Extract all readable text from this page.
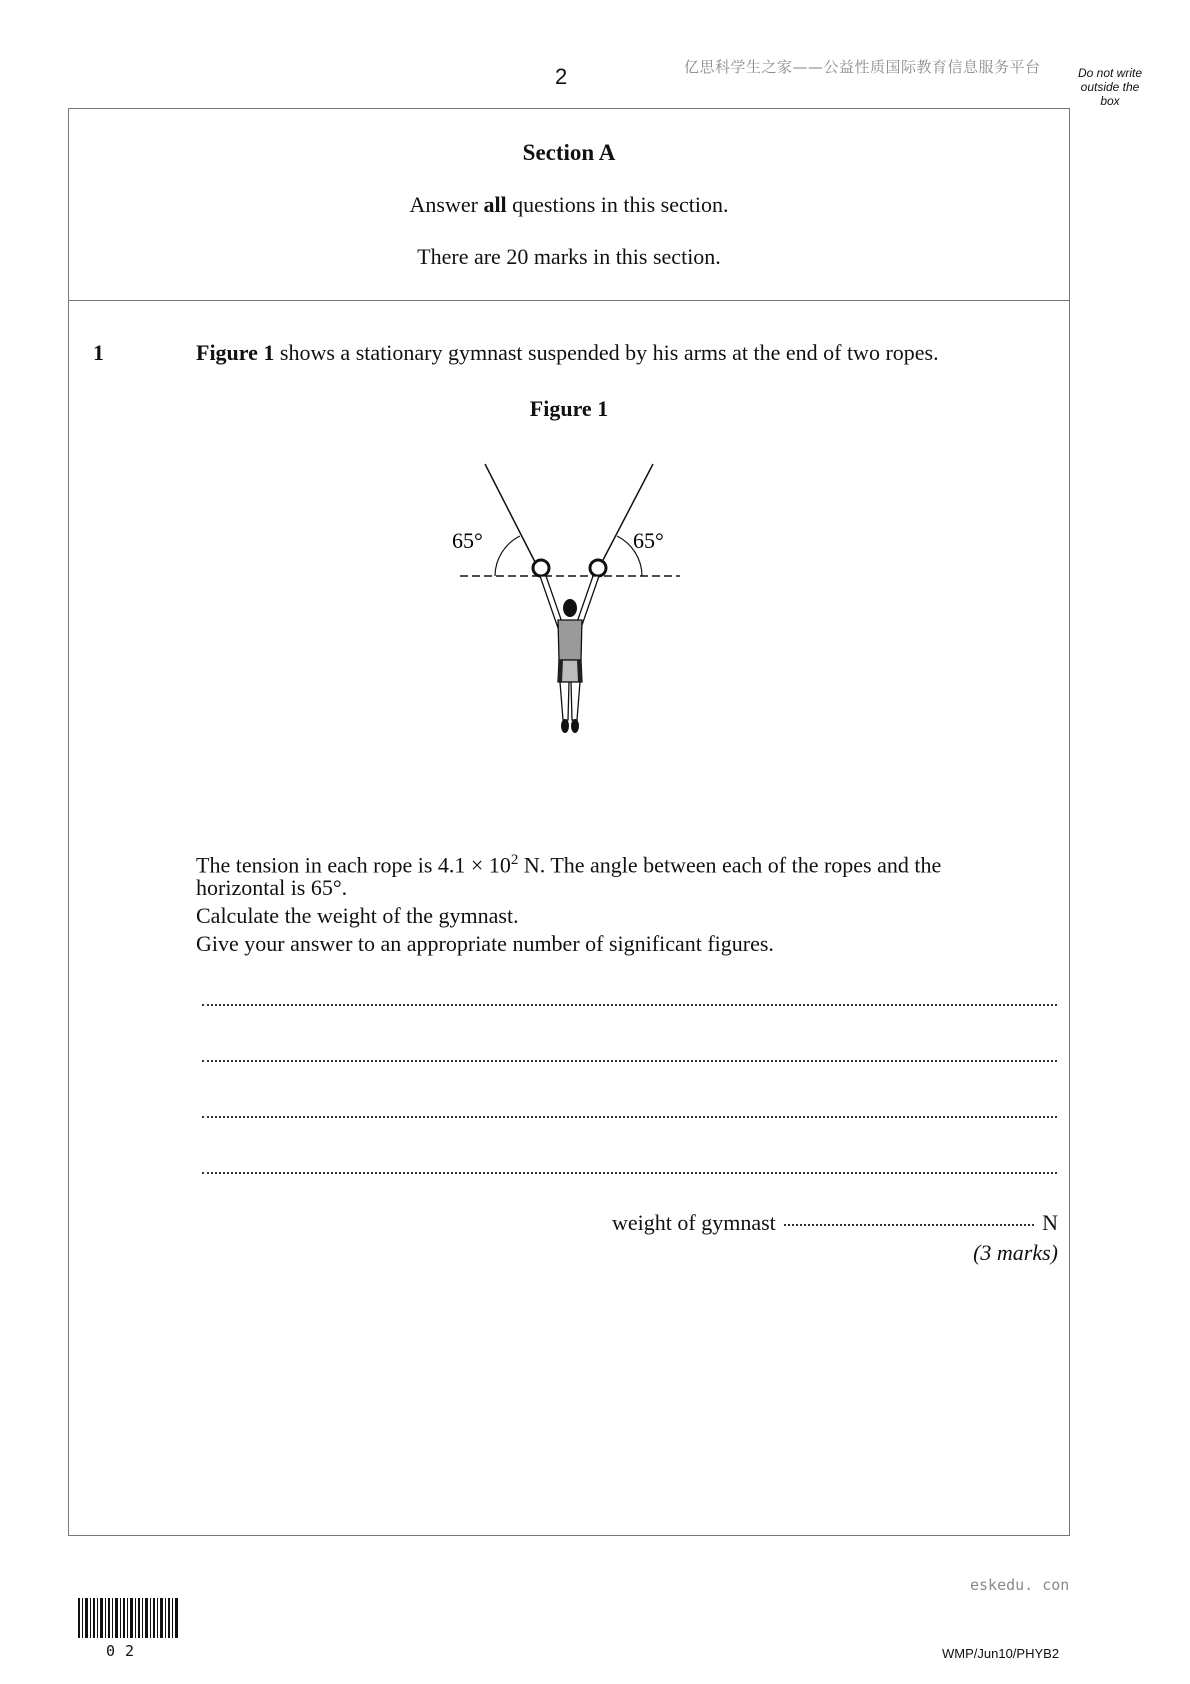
2	亿思科学生之家——公益性质国际教育信息服务平台	Do not write
outside the
box
Section A
Answer all questions in this section.
There are 20 marks in this section.
1	Figure 1 shows a stationary gymnast suspended by his arms at the end of two ropes.
Figure 1
65°	65°
The tension in each rope is $4.1 \times 10^2$ N. The angle between each of the ropes and the
horizontal is 65°.
Calculate the weight of the gymnast.
Give your answer to an appropriate number of significant figures.
weight of gymnast	N
(3 marks)
eskedu. con
02	WMP/Jun10/PHYB2
